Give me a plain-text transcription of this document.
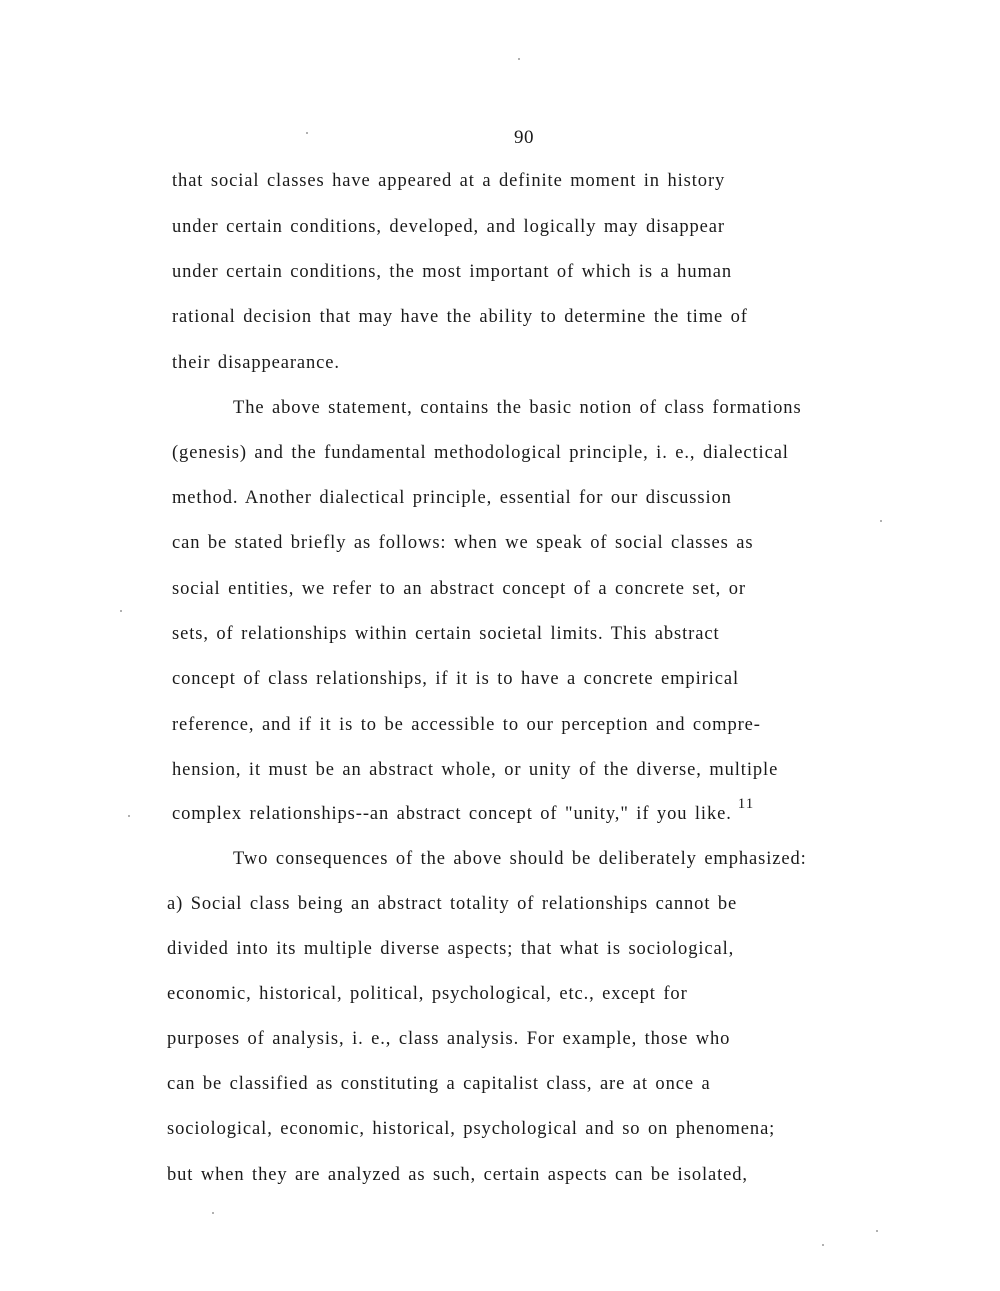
90
that social classes have appeared at a definite moment in history
under certain conditions, developed, and logically may disappear
under certain conditions, the most important of which is a human
rational decision that may have the ability to determine the time of
their disappearance.
The above statement, contains the basic notion of class formations
(genesis) and the fundamental methodological principle, i. e., dialectical
method. Another dialectical principle, essential for our discussion
can be stated briefly as follows: when we speak of social classes as
social entities, we refer to an abstract concept of a concrete set, or
sets, of relationships within certain societal limits. This abstract
concept of class relationships, if it is to have a concrete empirical
reference, and if it is to be accessible to our perception and compre-
hension, it must be an abstract whole, or unity of the diverse, multiple
complex relationships--an abstract concept of "unity," if you like. $^{11}$
Two consequences of the above should be deliberately emphasized:
a) Social class being an abstract totality of relationships cannot be
divided into its multiple diverse aspects; that what is sociological,
economic, historical, political, psychological, etc., except for
purposes of analysis, i. e., class analysis. For example, those who
can be classified as constituting a capitalist class, are at once a
sociological, economic, historical, psychological and so on phenomena;
but when they are analyzed as such, certain aspects can be isolated,
